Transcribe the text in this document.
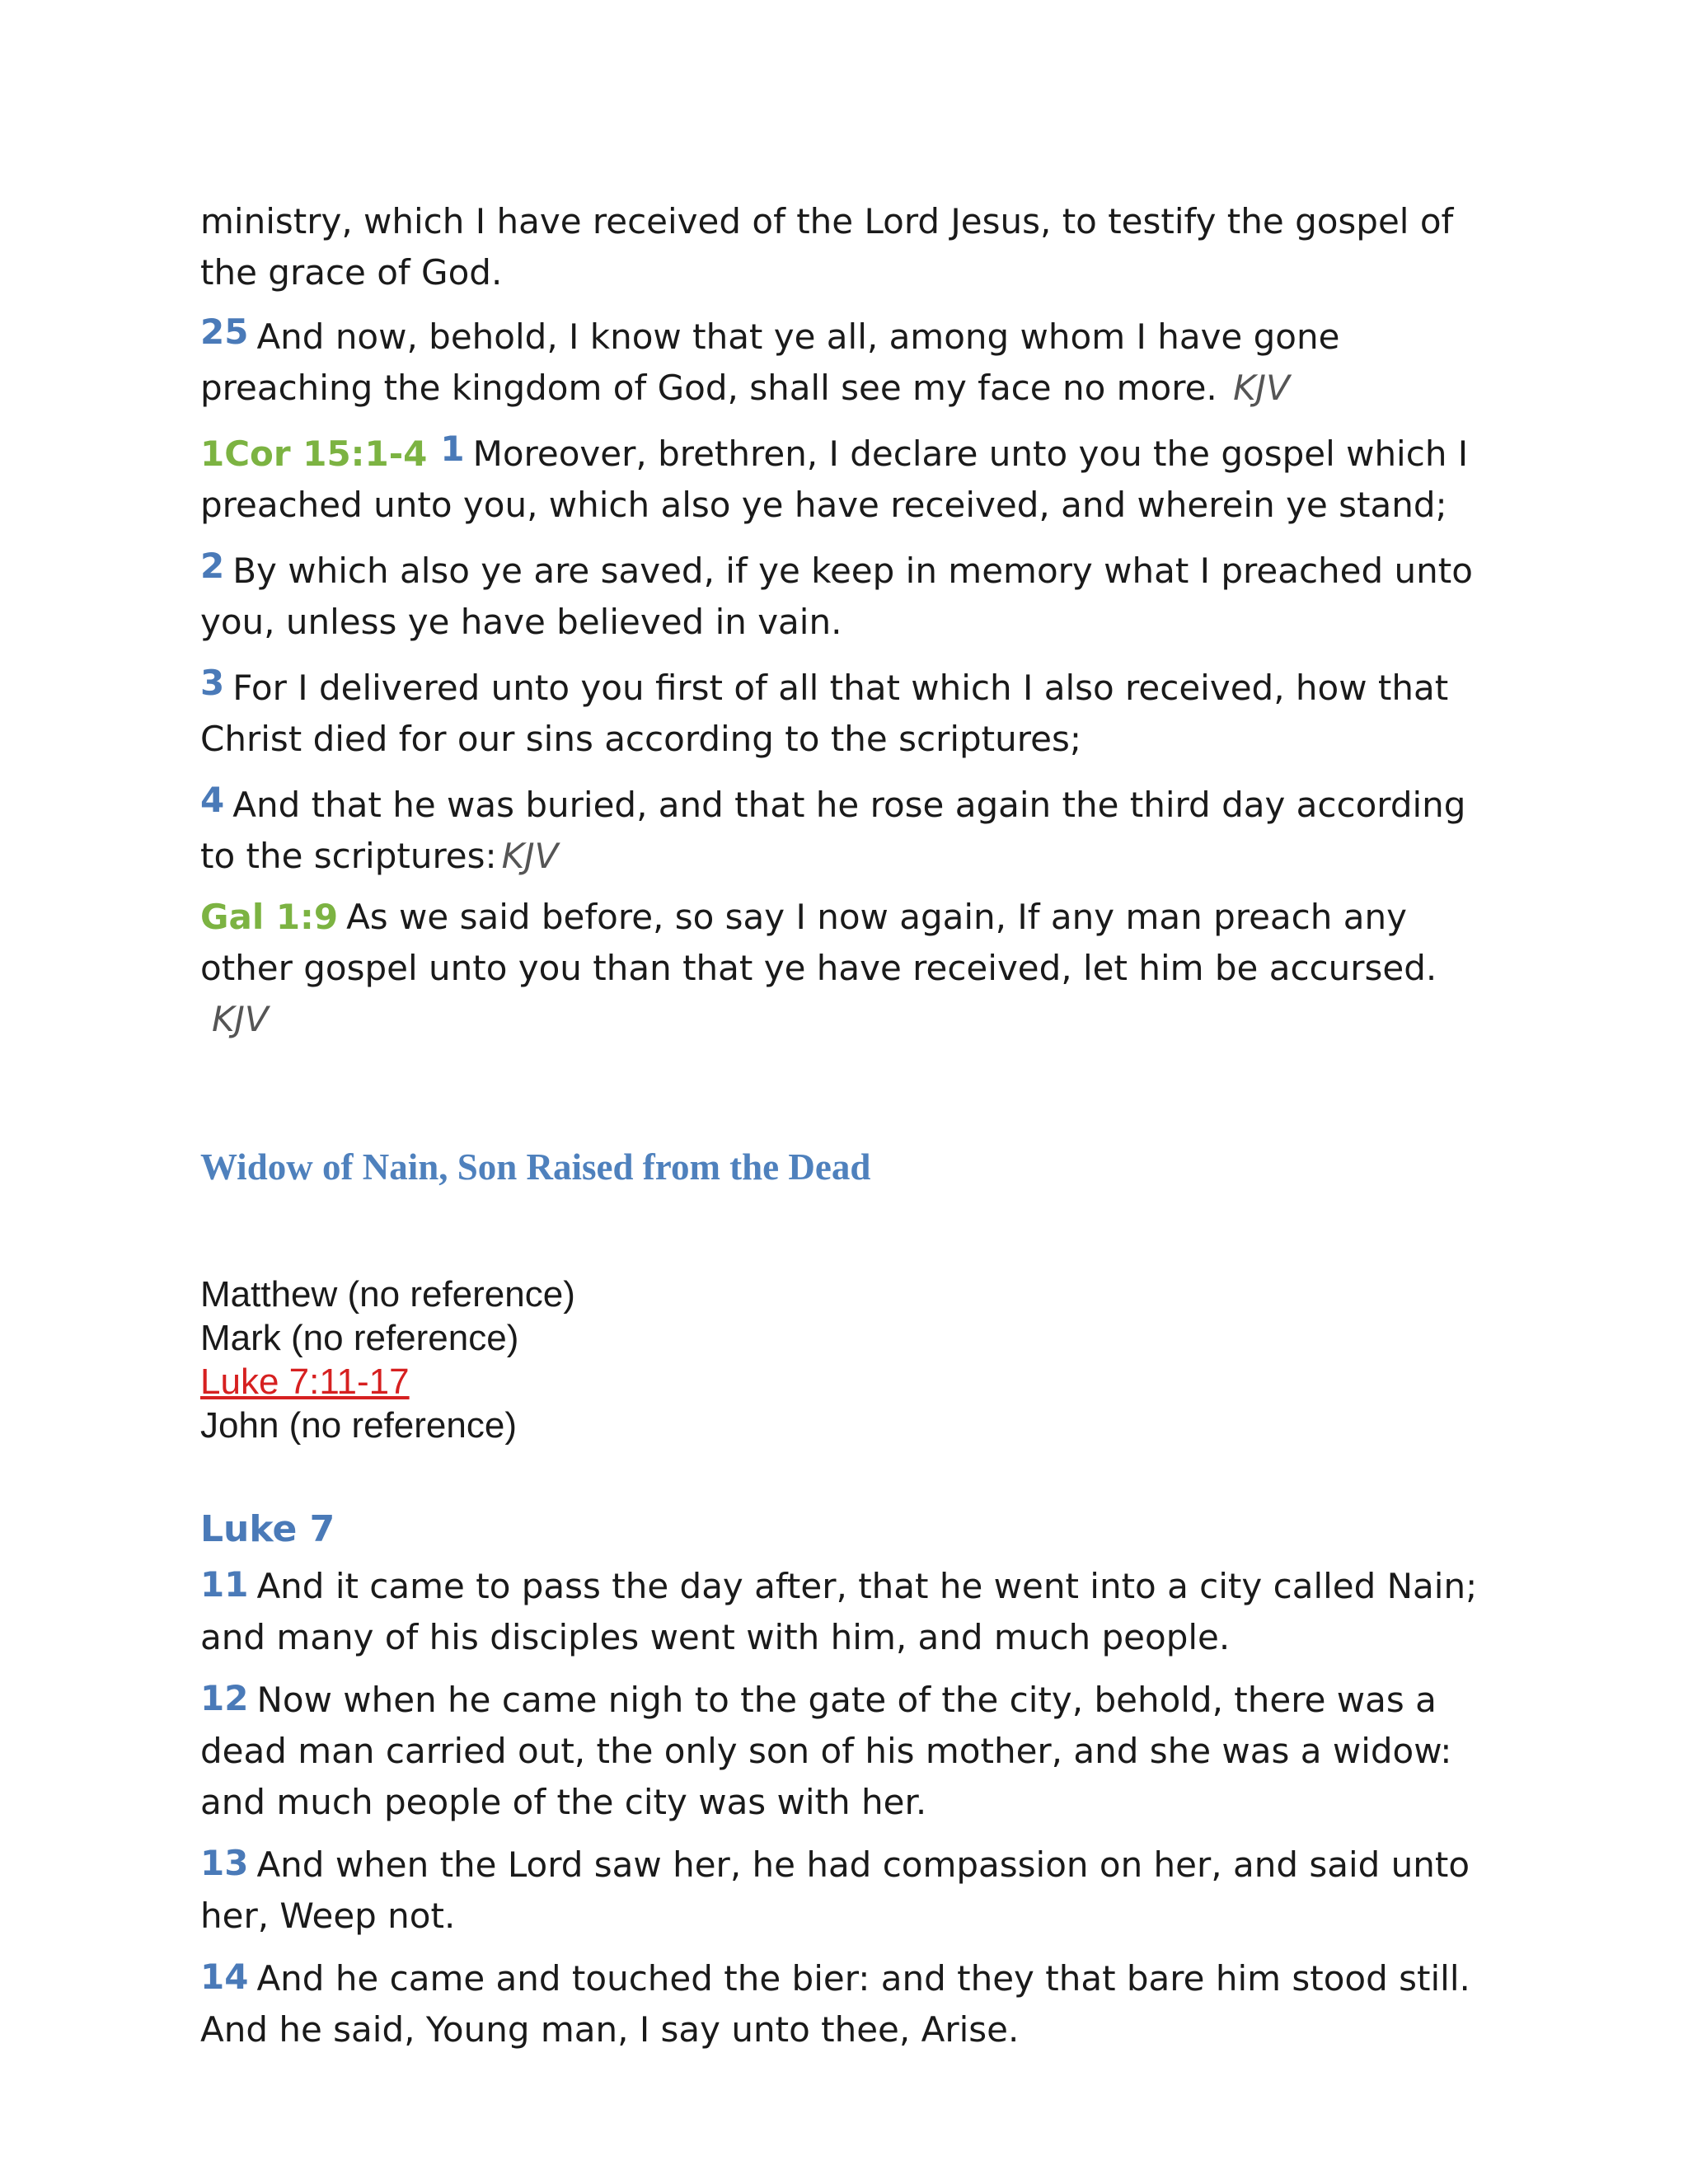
ministry, which I have received of the Lord Jesus, to testify the gospel of the grace of God.

25 And now, behold, I know that ye all, among whom I have gone preaching the kingdom of God, shall see my face no more. KJV

1Cor 15:1-4 1 Moreover, brethren, I declare unto you the gospel which I preached unto you, which also ye have received, and wherein ye stand;

2 By which also ye are saved, if ye keep in memory what I preached unto you, unless ye have believed in vain.

3 For I delivered unto you first of all that which I also received, how that Christ died for our sins according to the scriptures;

4 And that he was buried, and that he rose again the third day according to the scriptures: KJV

Gal 1:9 As we said before, so say I now again, If any man preach any other gospel unto you than that ye have received, let him be accursed. KJV

Widow of Nain, Son Raised from the Dead
Matthew (no reference)
Mark (no reference)
Luke 7:11-17
John (no reference)
Luke 7

11 And it came to pass the day after, that he went into a city called Nain; and many of his disciples went with him, and much people.

12 Now when he came nigh to the gate of the city, behold, there was a dead man carried out, the only son of his mother, and she was a widow: and much people of the city was with her.

13 And when the Lord saw her, he had compassion on her, and said unto her, Weep not.

14 And he came and touched the bier: and they that bare him stood still. And he said, Young man, I say unto thee, Arise.
